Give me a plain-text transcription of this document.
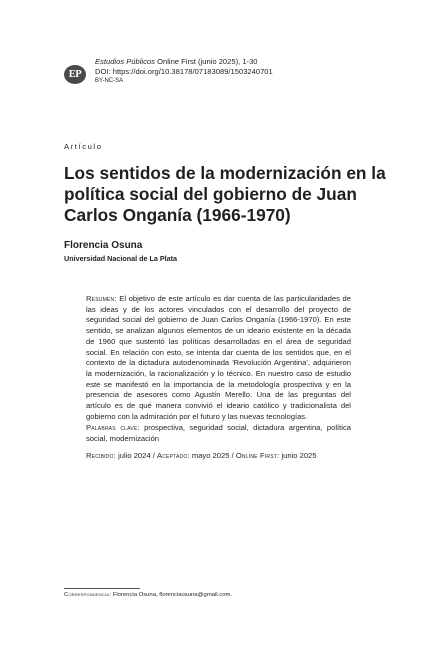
EP
Estudios Públicos Online First (junio 2025), 1-30
DOI: https://doi.org/10.38178/07183089/1503240701
BY-NC-SA
Artículo
Los sentidos de la modernización en la política social del gobierno de Juan Carlos Onganía (1966-1970)
Florencia Osuna
Universidad Nacional de La Plata

Resumen: El objetivo de este artículo es dar cuenta de las particularidades de las ideas y de los actores vinculados con el desarrollo del proyecto de seguridad social del gobierno de Juan Carlos Onganía (1966-1970). En este sentido, se analizan algunos elementos de un ideario existente en la década de 1960 que sustentó las políticas desarrolladas en el área de seguridad social. En relación con esto, se intenta dar cuenta de los sentidos que, en el contexto de la dictadura autodenominada 'Revolución Argentina', adquirieron la modernización, la racionalización y lo técnico. En nuestro caso de estudio este se manifestó en la importancia de la metodología prospectiva y en la presencia de asesores como Agustín Merello. Una de las preguntas del artículo es de qué manera convivió el ideario católico y tradicionalista del gobierno con la admiración por el futuro y las nuevas tecnologías.

Palabras clave: prospectiva, seguridad social, dictadura argentina, política social, modernización

Recibido: julio 2024 / Aceptado: mayo 2025 / Online First: junio 2025

Correspondencia: Florencia Osuna, florenciaosuna@gmail.com.
